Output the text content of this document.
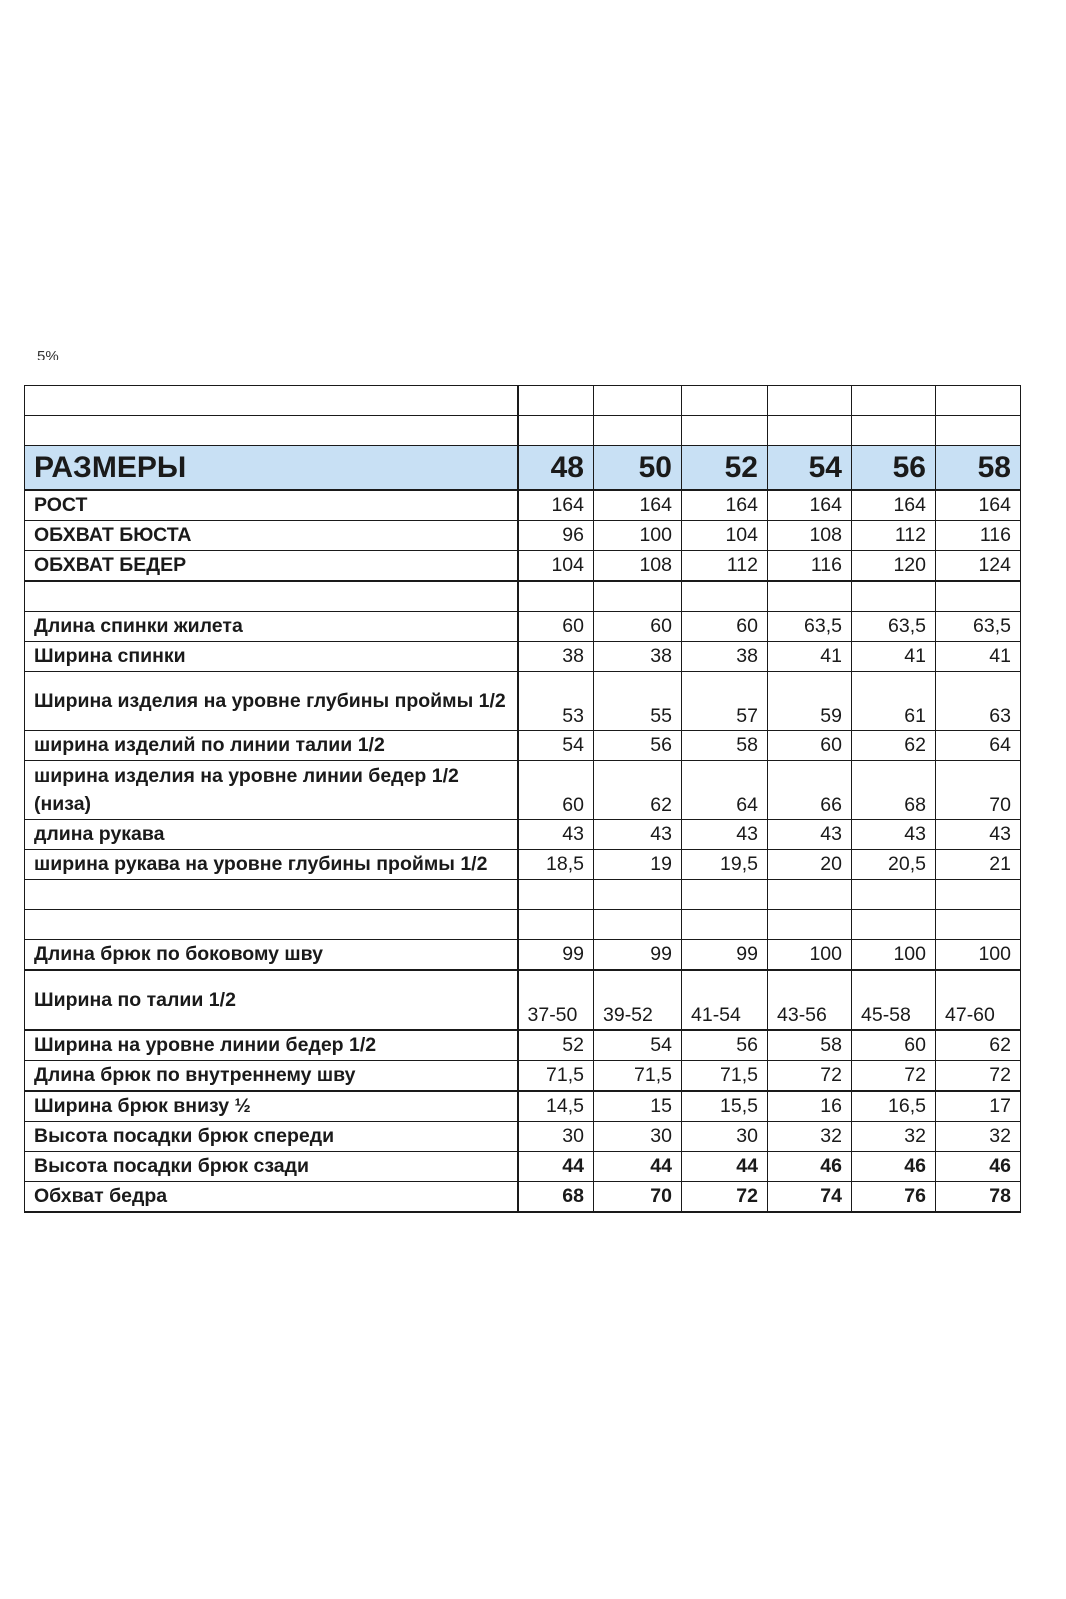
5%

РАЗМЕРЫ	48	50	52	54	56	58
РОСТ	164	164	164	164	164	164
ОБХВАТ БЮСТА	96	100	104	108	112	116
ОБХВАТ БЕДЕР	104	108	112	116	120	124

Длина спинки жилета	60	60	60	63,5	63,5	63,5
Ширина спинки	38	38	38	41	41	41
Ширина изделия на уровне глубины проймы 1/2	53	55	57	59	61	63
ширина изделий по линии талии 1/2	54	56	58	60	62	64
ширина изделия на уровне линии бедер 1/2 (низа)	60	62	64	66	68	70
длина рукава	43	43	43	43	43	43
ширина рукава на уровне глубины проймы 1/2	18,5	19	19,5	20	20,5	21

Длина брюк по боковому шву	99	99	99	100	100	100
Ширина по талии 1/2	37-50	39-52	41-54	43-56	45-58	47-60
Ширина на уровне линии бедер 1/2	52	54	56	58	60	62
Длина брюк по внутреннему шву	71,5	71,5	71,5	72	72	72
Ширина брюк внизу ½	14,5	15	15,5	16	16,5	17
Высота посадки брюк спереди	30	30	30	32	32	32
Высота посадки брюк сзади	44	44	44	46	46	46
Обхват бедра	68	70	72	74	76	78
